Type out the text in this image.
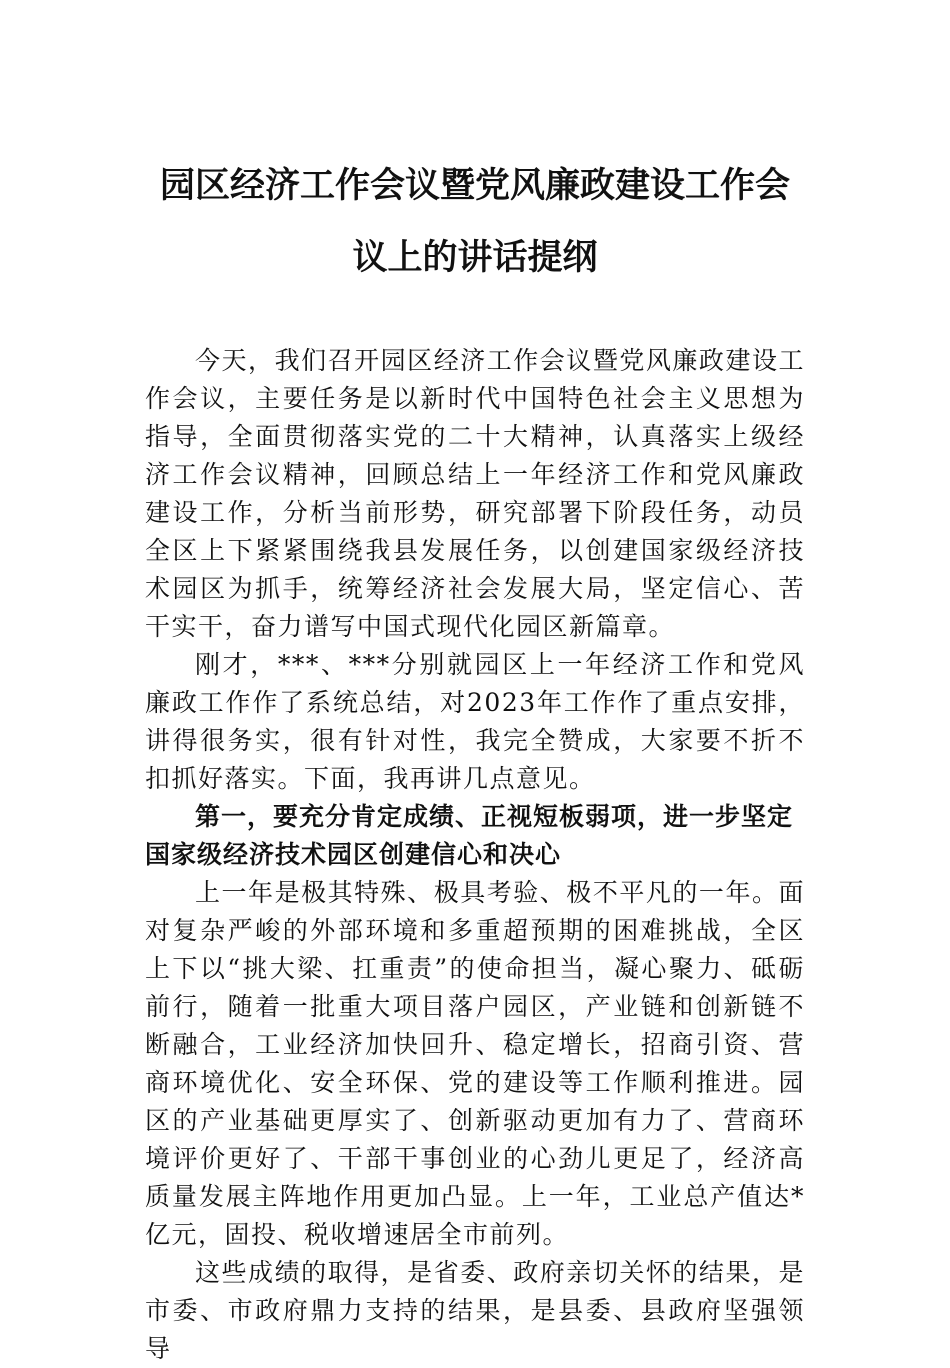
园区经济工作会议暨党风廉政建设工作会
议上的讲话提纲

今天，我们召开园区经济工作会议暨党风廉政建设工作会议，主要任务是以新时代中国特色社会主义思想为指导，全面贯彻落实党的二十大精神，认真落实上级经济工作会议精神，回顾总结上一年经济工作和党风廉政建设工作，分析当前形势，研究部署下阶段任务，动员全区上下紧紧围绕我县发展任务，以创建国家级经济技术园区为抓手，统筹经济社会发展大局，坚定信心、苦干实干，奋力谱写中国式现代化园区新篇章。

刚才，***、***分别就园区上一年经济工作和党风廉政工作作了系统总结，对2023年工作作了重点安排，讲得很务实，很有针对性，我完全赞成，大家要不折不扣抓好落实。下面，我再讲几点意见。

第一，要充分肯定成绩、正视短板弱项，进一步坚定国家级经济技术园区创建信心和决心

上一年是极其特殊、极具考验、极不平凡的一年。面对复杂严峻的外部环境和多重超预期的困难挑战，全区上下以“挑大梁、扛重责”的使命担当，凝心聚力、砥砺前行，随着一批重大项目落户园区，产业链和创新链不断融合，工业经济加快回升、稳定增长，招商引资、营商环境优化、安全环保、党的建设等工作顺利推进。园区的产业基础更厚实了、创新驱动更加有力了、营商环境评价更好了、干部干事创业的心劲儿更足了，经济高质量发展主阵地作用更加凸显。上一年，工业总产值达*亿元，固投、税收增速居全市前列。

这些成绩的取得，是省委、政府亲切关怀的结果，是市委、市政府鼎力支持的结果，是县委、县政府坚强领导
